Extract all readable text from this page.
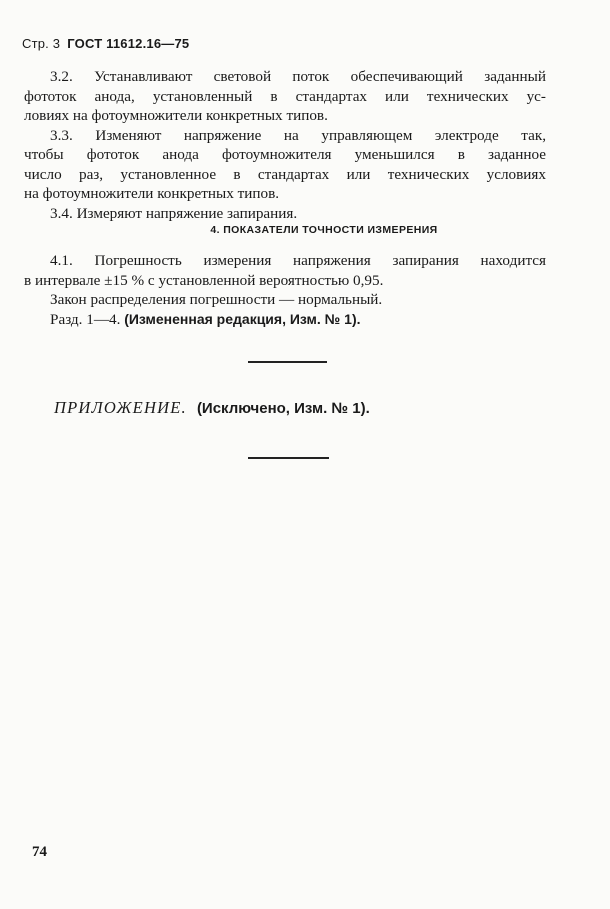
Стр. 3 ГОСТ 11612.16—75

3.2. Устанавливают световой поток обеспечивающий заданный
фототок анода, установленный в стандартах или технических ус-
ловиях на фотоумножители конкретных типов.

3.3. Изменяют напряжение на управляющем электроде так,
чтобы фототок анода фотоумножителя уменьшился в заданное
число раз, установленное в стандартах или технических условиях
на фотоумножители конкретных типов.

3.4. Измеряют напряжение запирания.

4. ПОКАЗАТЕЛИ ТОЧНОСТИ ИЗМЕРЕНИЯ

4.1. Погрешность измерения напряжения запирания находится
в интервале ±15 % с установленной вероятностью 0,95.

Закон распределения погрешности — нормальный.

Разд. 1—4. (Измененная редакция, Изм. № 1).

ПРИЛОЖЕНИЕ. (Исключено, Изм. № 1).
74
